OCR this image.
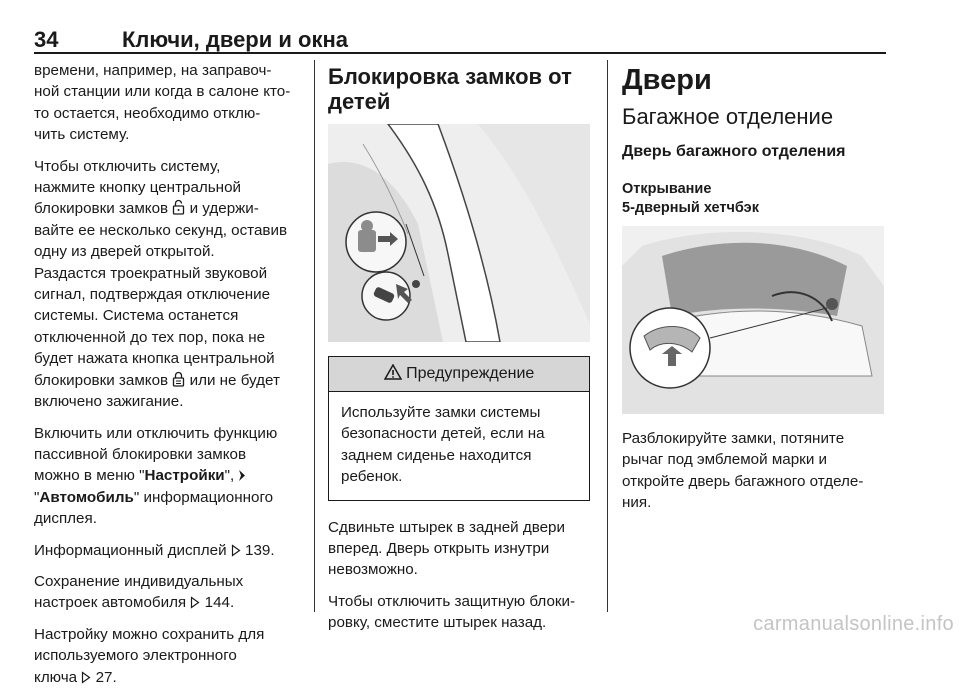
34	Ключи, двери и окна

времени, например, на заправоч-
ной станции или когда в салоне кто-
то остается, необходимо отклю-
чить систему.

Чтобы отключить систему,
нажмите кнопку центральной
блокировки замков и удержи-
вайте ее несколько секунд, оставив
одну из дверей открытой.
Раздастся троекратный звуковой
сигнал, подтверждая отключение
системы. Система останется
отключенной до тех пор, пока не
будет нажата кнопка центральной
блокировки замков или не будет
включено зажигание.

Включить или отключить функцию
пассивной блокировки замков
можно в меню "Настройки",
"Автомобиль" информационного
дисплея.

Информационный дисплей 139.

Сохранение индивидуальных
настроек автомобиля 144.

Настройку можно сохранить для
используемого электронного
ключа 27.

Блокировка замков от
детей
Предупреждение
Используйте замки системы
безопасности детей, если на
заднем сиденье находится
ребенок.

Сдвиньте штырек в задней двери
вперед. Дверь открыть изнутри
невозможно.

Чтобы отключить защитную блоки-
ровку, сместите штырек назад.

Двери
Багажное отделение
Дверь багажного отделения
Открывание
5-дверный хетчбэк

Разблокируйте замки, потяните
рычаг под эмблемой марки и
откройте дверь багажного отделе-
ния.

carmanualsonline.info
